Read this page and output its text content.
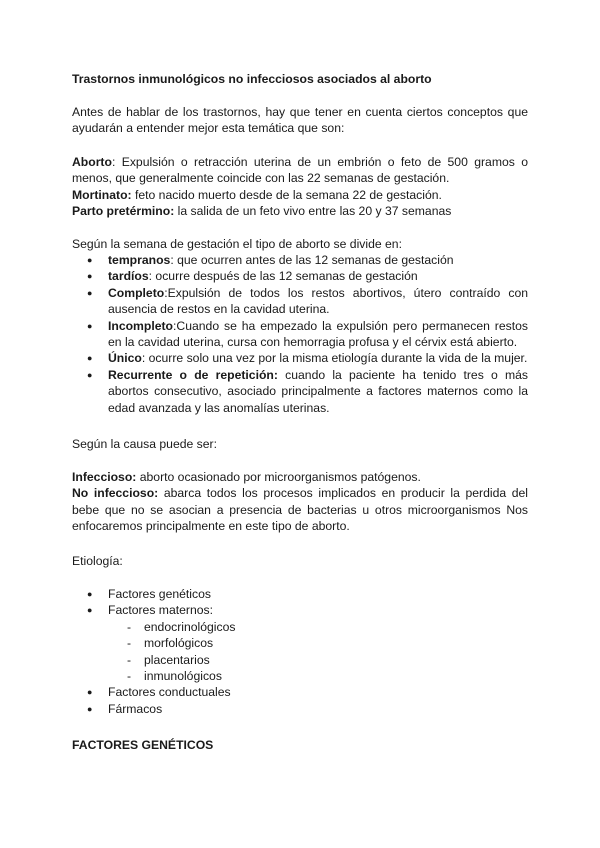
Trastornos inmunológicos no infecciosos asociados al aborto
Antes de hablar de los trastornos, hay que tener en cuenta ciertos conceptos que ayudarán a entender mejor esta temática que son:
Aborto: Expulsión o retracción uterina de un embrión o feto de 500 gramos o menos, que generalmente coincide con las 22 semanas de gestación.
Mortinato: feto nacido muerto desde de la semana 22 de gestación.
Parto pretérmino: la salida de un feto vivo entre las 20 y 37 semanas
Según la semana de gestación el tipo de aborto se divide en:
● tempranos: que ocurren antes de las 12 semanas de gestación
● tardíos: ocurre después de las 12 semanas de gestación
● Completo:Expulsión de todos los restos abortivos, útero contraído con ausencia de restos en la cavidad uterina.
● Incompleto:Cuando se ha empezado la expulsión pero permanecen restos en la cavidad uterina, cursa con hemorragia profusa y el cérvix está abierto.
● Único: ocurre solo una vez por la misma etiología durante la vida de la mujer.
● Recurrente o de repetición: cuando la paciente ha tenido tres o más abortos consecutivo, asociado principalmente a factores maternos como la edad avanzada y las anomalías uterinas.
Según la causa puede ser:
Infeccioso: aborto ocasionado por microorganismos patógenos.
No infeccioso: abarca todos los procesos implicados en producir la perdida del bebe que no se asocian a presencia de bacterias u otros microorganismos Nos enfocaremos principalmente en este tipo de aborto.
Etiología:
● Factores genéticos
● Factores maternos:
- endocrinológicos
- morfológicos
- placentarios
- inmunológicos
● Factores conductuales
● Fármacos
FACTORES GENÉTICOS
